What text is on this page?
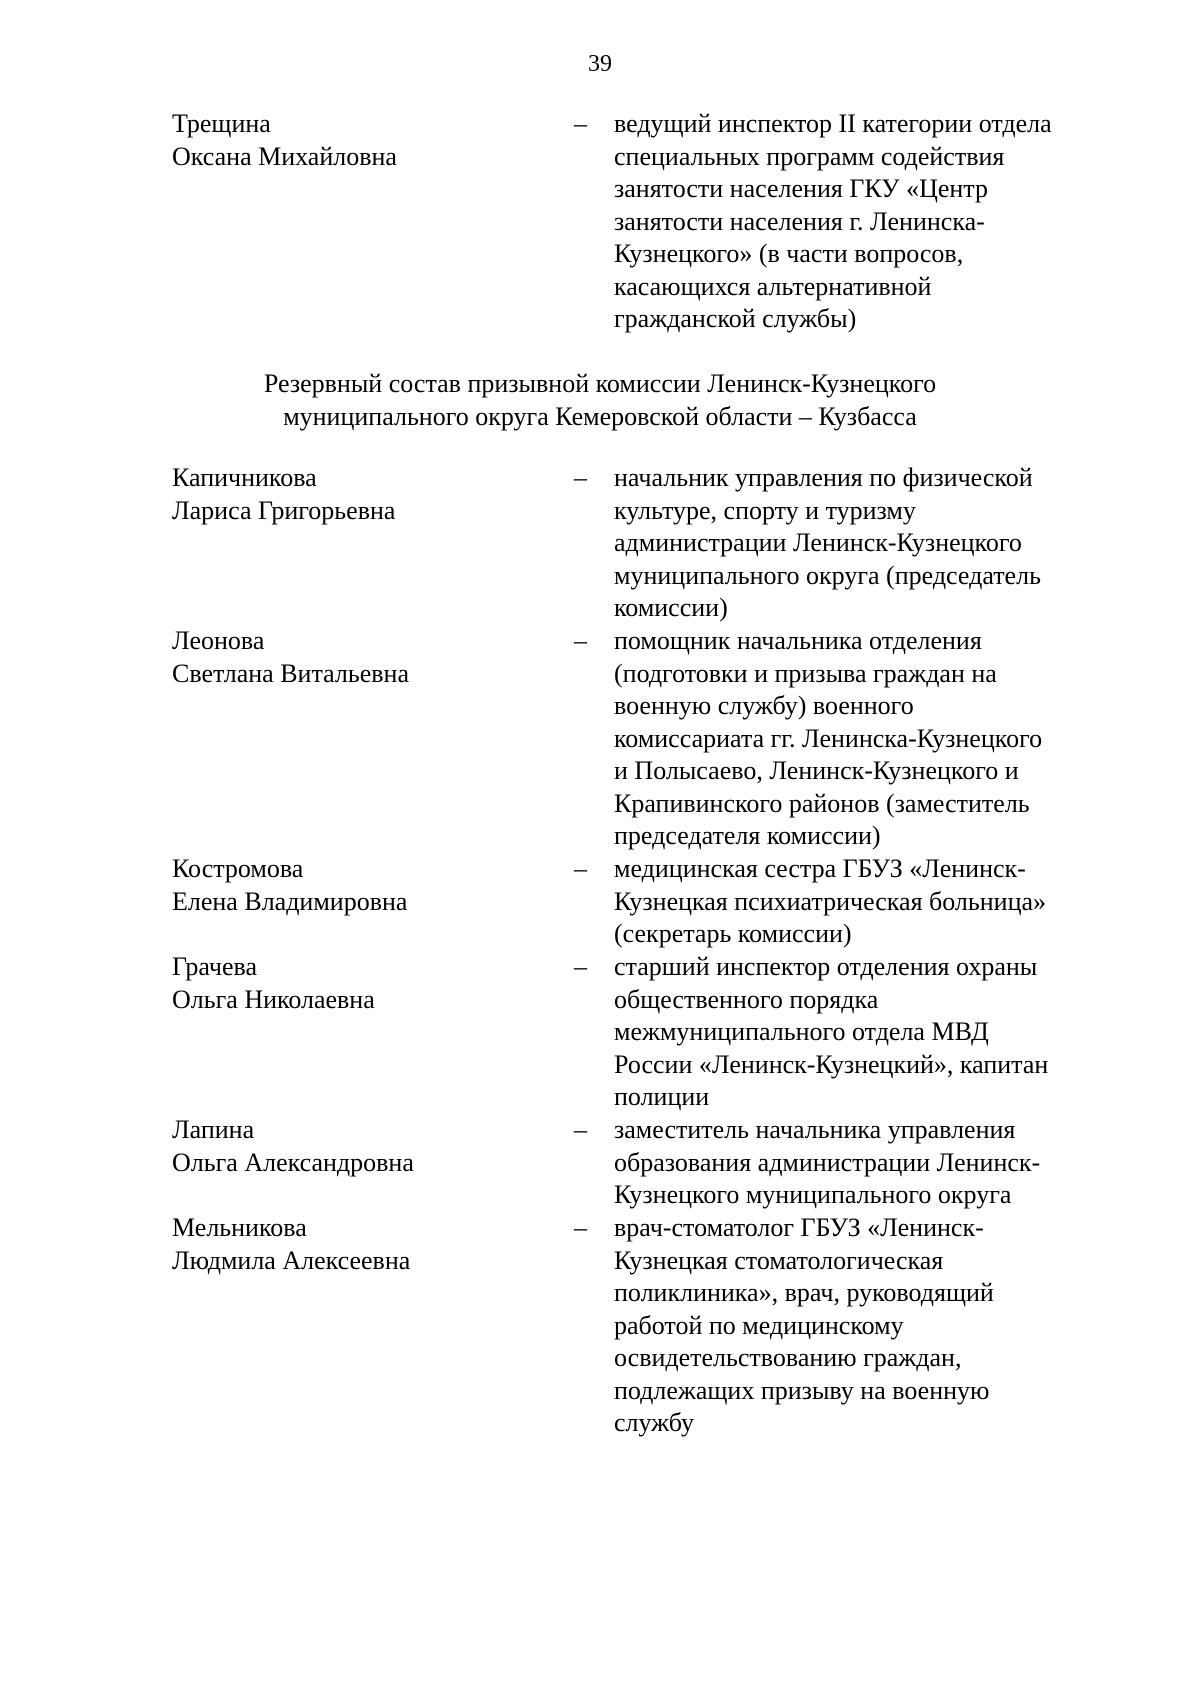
39
Трещина
Оксана Михайловна
– ведущий инспектор II категории отдела
специальных программ содействия
занятости населения ГКУ «Центр
занятости населения г. Ленинска-
Кузнецкого» (в части вопросов,
касающихся альтернативной
гражданской службы)
Резервный состав призывной комиссии Ленинск-Кузнецкого
муниципального округа Кемеровской области – Кузбасса
Капичникова
Лариса Григорьевна
– начальник управления по физической
культуре, спорту и туризму
администрации Ленинск-Кузнецкого
муниципального округа (председатель
комиссии)
Леонова
Светлана Витальевна
– помощник начальника отделения
(подготовки и призыва граждан на
военную службу) военного
комиссариата гг. Ленинска-Кузнецкого
и Полысаево, Ленинск-Кузнецкого и
Крапивинского районов (заместитель
председателя комиссии)
Костромова
Елена Владимировна
– медицинская сестра ГБУЗ «Ленинск-
Кузнецкая психиатрическая больница»
(секретарь комиссии)
Грачева
Ольга Николаевна
– старший инспектор отделения охраны
общественного порядка
межмуниципального отдела МВД
России «Ленинск-Кузнецкий», капитан
полиции
Лапина
Ольга Александровна
– заместитель начальника управления
образования администрации Ленинск-
Кузнецкого муниципального округа
Мельникова
Людмила Алексеевна
– врач-стоматолог ГБУЗ «Ленинск-
Кузнецкая стоматологическая
поликлиника», врач, руководящий
работой по медицинскому
освидетельствованию граждан,
подлежащих призыву на военную
службу
